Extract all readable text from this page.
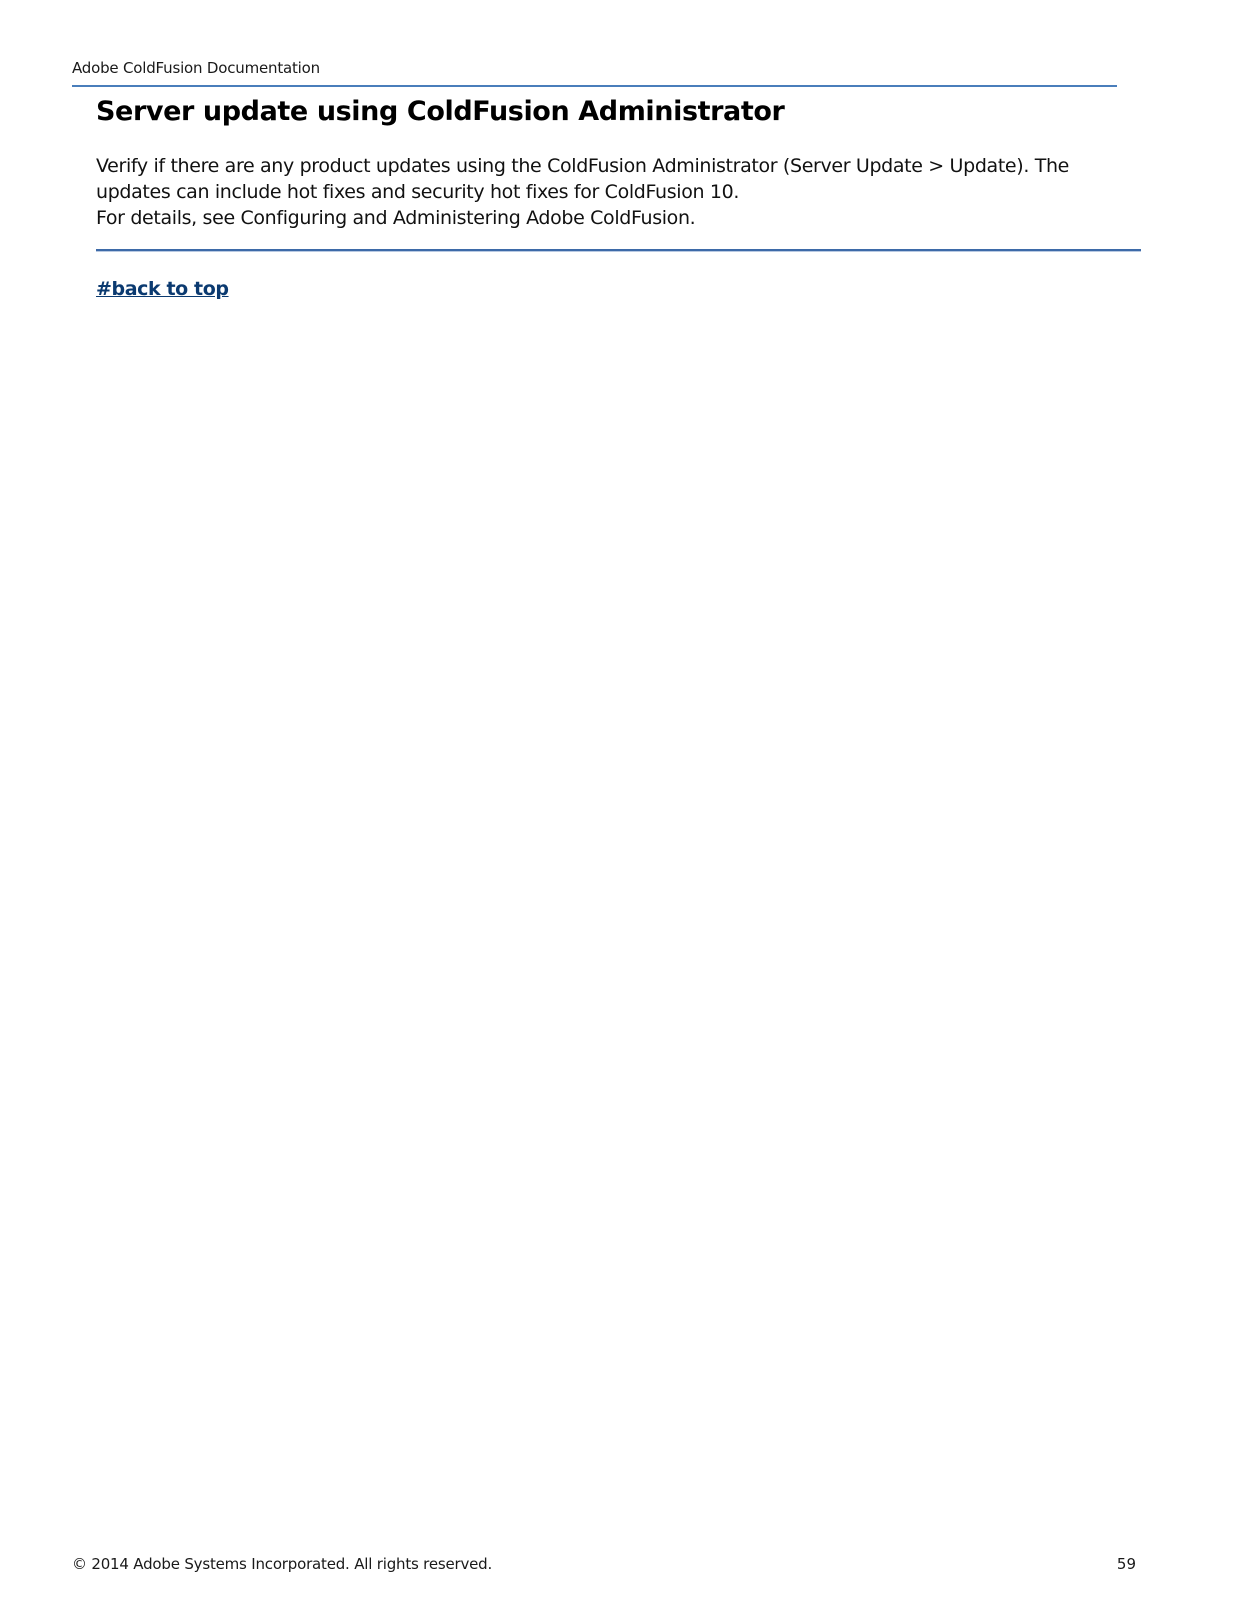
Adobe ColdFusion Documentation
Server update using ColdFusion Administrator

Verify if there are any product updates using the ColdFusion Administrator (Server Update > Update). The updates can include hot fixes and security hot fixes for ColdFusion 10.

For details, see Configuring and Administering Adobe ColdFusion.

#back to top
© 2014 Adobe Systems Incorporated. All rights reserved.	59
